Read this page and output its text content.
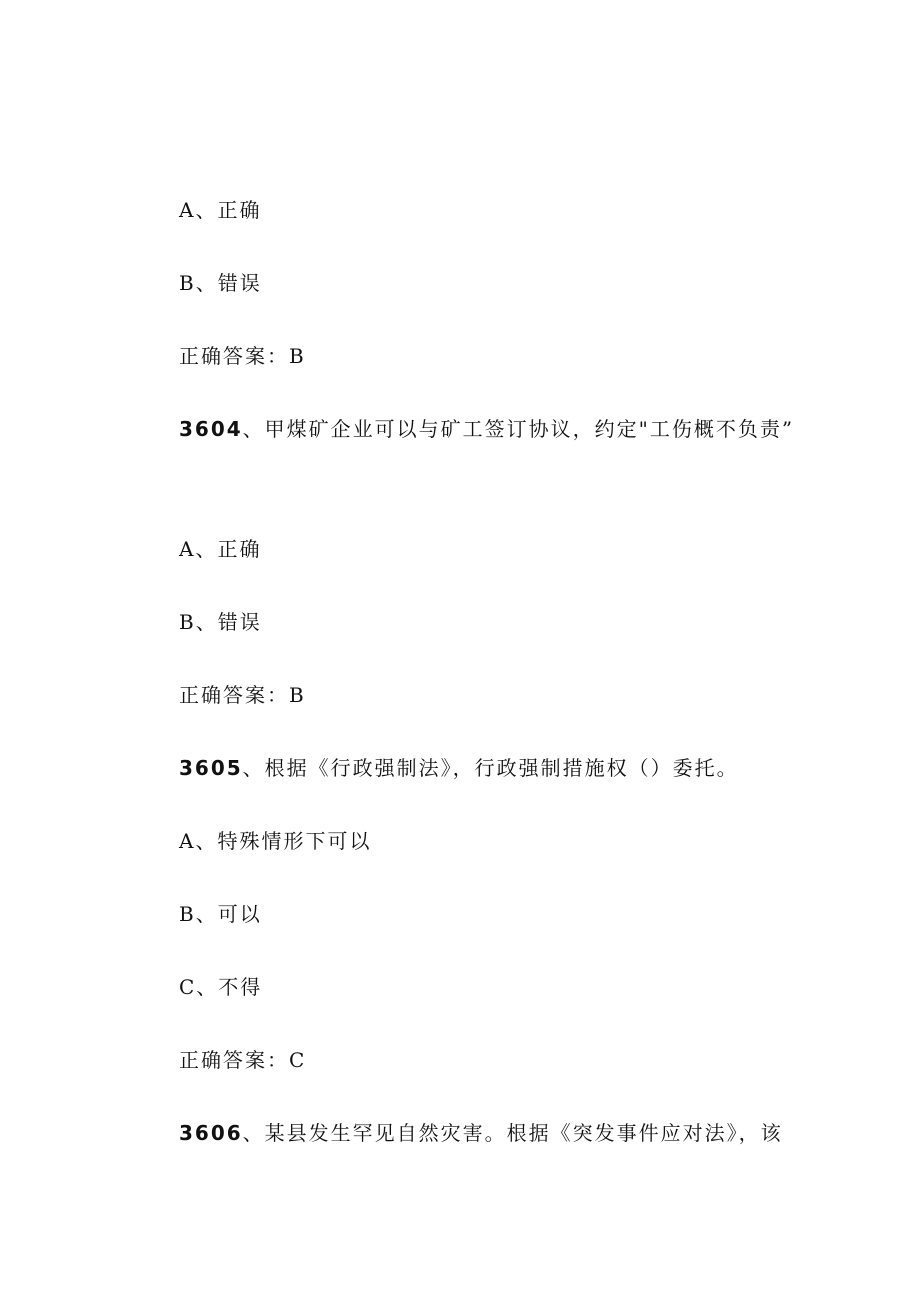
A、正确
B、错误
正确答案：B
3604、甲煤矿企业可以与矿工签订协议，约定"工伤概不负责”
A、正确
B、错误
正确答案：B
3605、根据《行政强制法》，行政强制措施权（）委托。
A、特殊情形下可以
B、可以
C、不得
正确答案：C
3606、某县发生罕见自然灾害。根据《突发事件应对法》，该
